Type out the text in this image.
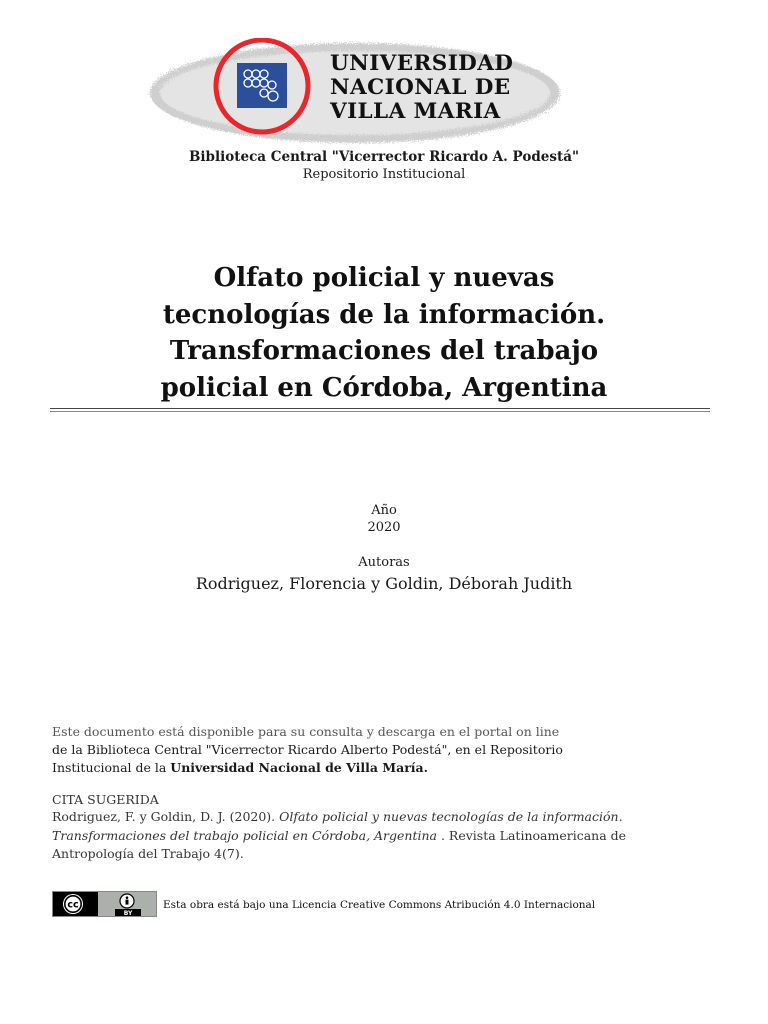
UNIVERSIDAD
NACIONAL DE
VILLA MARIA
Biblioteca Central "Vicerrector Ricardo A. Podestá"
Repositorio Institucional
Olfato policial y nuevas
tecnologías de la información.
Transformaciones del trabajo
policial en Córdoba, Argentina
Año
2020
Autoras
Rodriguez, Florencia y Goldin, Déborah Judith
Este documento está disponible para su consulta y descarga en el portal on line
de la Biblioteca Central "Vicerrector Ricardo Alberto Podestá", en el Repositorio
Institucional de la Universidad Nacional de Villa María.
CITA SUGERIDA
Rodriguez, F. y Goldin, D. J. (2020). Olfato policial y nuevas tecnologías de la información.
Transformaciones del trabajo policial en Córdoba, Argentina . Revista Latinoamericana de
Antropología del Trabajo 4(7).
cc
BY
Esta obra está bajo una Licencia Creative Commons Atribución 4.0 Internacional
